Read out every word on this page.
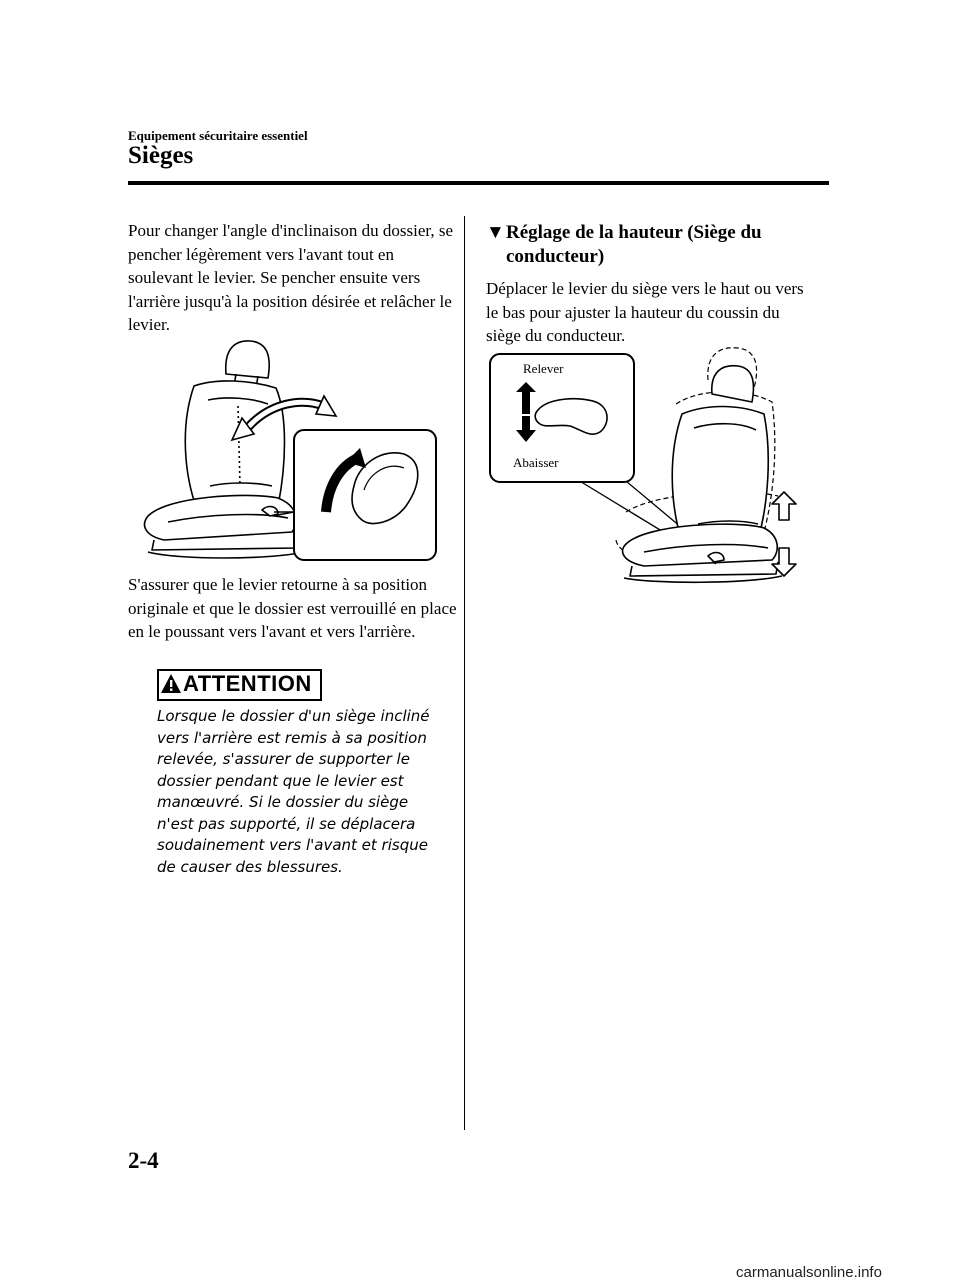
Equipement sécuritaire essentiel
Sièges
Pour changer l'angle d'inclinaison du dossier, se pencher légèrement vers l'avant tout en soulevant le levier. Se pencher ensuite vers l'arrière jusqu'à la position désirée et relâcher le levier.
S'assurer que le levier retourne à sa position originale et que le dossier est verrouillé en place en le poussant vers l'avant et vers l'arrière.
ATTENTION
Lorsque le dossier d'un siège incliné vers l'arrière est remis à sa position relevée, s'assurer de supporter le dossier pendant que le levier est manœuvré. Si le dossier du siège n'est pas supporté, il se déplacera soudainement vers l'avant et risque de causer des blessures.
▼Réglage de la hauteur (Siège du
conducteur)
Déplacer le levier du siège vers le haut ou vers le bas pour ajuster la hauteur du coussin du siège du conducteur.
Relever
Abaisser
2-4
carmanualsonline.info
